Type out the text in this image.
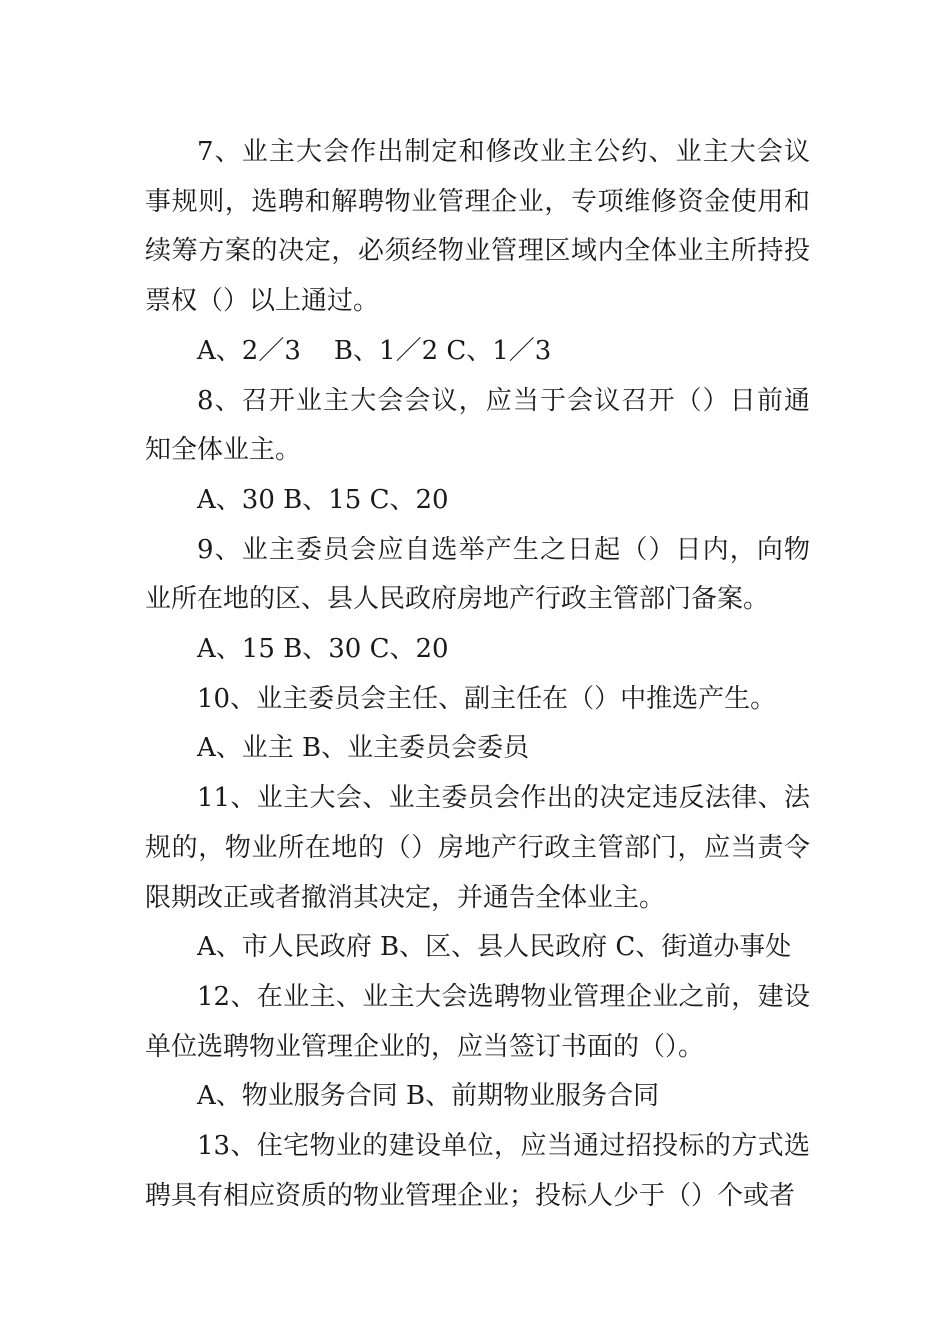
7、业主大会作出制定和修改业主公约、业主大会议事规则，选聘和解聘物业管理企业，专项维修资金使用和续筹方案的决定，必须经物业管理区域内全体业主所持投票权（）以上通过。

A、2／3    B、1／2 C、1／3

8、召开业主大会会议，应当于会议召开（）日前通知全体业主。

A、30 B、15 C、20

9、业主委员会应自选举产生之日起（）日内，向物业所在地的区、县人民政府房地产行政主管部门备案。

A、15 B、30 C、20

10、业主委员会主任、副主任在（）中推选产生。

A、业主 B、业主委员会委员

11、业主大会、业主委员会作出的决定违反法律、法规的，物业所在地的（）房地产行政主管部门，应当责令限期改正或者撤消其决定，并通告全体业主。

A、市人民政府 B、区、县人民政府 C、街道办事处

12、在业主、业主大会选聘物业管理企业之前，建设单位选聘物业管理企业的，应当签订书面的（）。

A、物业服务合同 B、前期物业服务合同

13、住宅物业的建设单位，应当通过招投标的方式选聘具有相应资质的物业管理企业；投标人少于（）个或者
